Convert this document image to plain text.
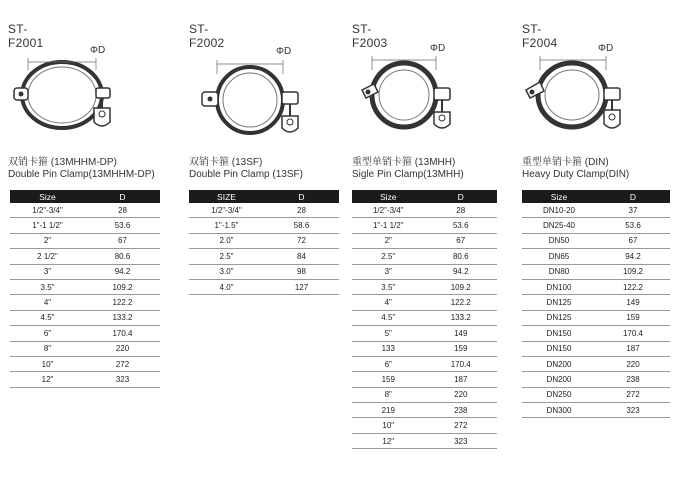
ST-F2001
ΦD
双销卡箍 (13MHHM-DP)
Double Pin Clamp(13MHHM-DP)
Size	D
1/2"-3/4"	28
1"-1 1/2"	53.6
2"	67
2 1/2"	80.6
3"	94.2
3.5"	109.2
4"	122.2
4.5"	133.2
6"	170.4
8"	220
10"	272
12"	323
ST-F2002
ΦD
双销卡箍 (13SF)
Double Pin Clamp (13SF)
SIZE	D
1/2"-3/4"	28
1"-1.5"	58.6
2.0"	72
2.5"	84
3.0"	98
4.0"	127
ST-F2003	ΦD
重型单销卡箍 (13MHH)
Sigle Pin Clamp(13MHH)
Size	D
1/2"-3/4"	28
1"-1 1/2"	53.6
2"	67
2.5"	80.6
3"	94.2
3.5"	109.2
4"	122.2
4.5"	133.2
5"	149
133	159
6"	170.4
159	187
8"	220
219	238
10"	272
12"	323
ST-F2004	ΦD
重型单销卡箍 (DIN)
Heavy Duty Clamp(DIN)
Size	D
DN10-20	37
DN25-40	53.6
DN50	67
DN65	94.2
DN80	109.2
DN100	122.2
DN125	149
DN125	159
DN150	170.4
DN150	187
DN200	220
DN200	238
DN250	272
DN300	323
